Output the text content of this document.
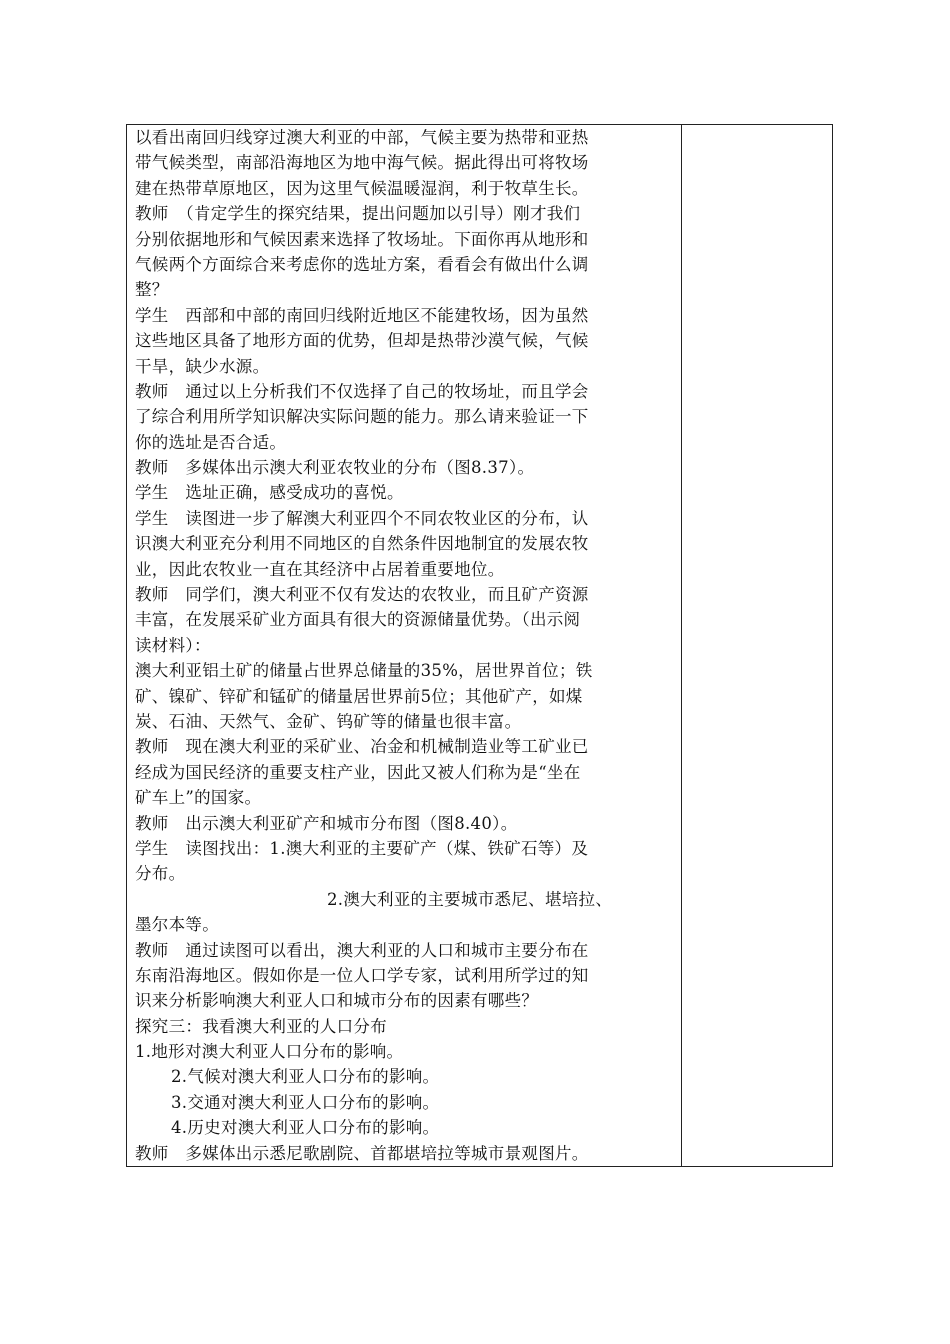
以看出南回归线穿过澳大利亚的中部，气候主要为热带和亚热
带气候类型，南部沿海地区为地中海气候。据此得出可将牧场
建在热带草原地区，因为这里气候温暖湿润，利于牧草生长。
教师　（肯定学生的探究结果，提出问题加以引导）刚才我们
分别依据地形和气候因素来选择了牧场址。下面你再从地形和
气候两个方面综合来考虑你的选址方案，看看会有做出什么调
整？
学生　西部和中部的南回归线附近地区不能建牧场，因为虽然
这些地区具备了地形方面的优势，但却是热带沙漠气候，气候
干旱，缺少水源。
教师　通过以上分析我们不仅选择了自己的牧场址，而且学会
了综合利用所学知识解决实际问题的能力。那么请来验证一下
你的选址是否合适。
教师　多媒体出示澳大利亚农牧业的分布（图8.37）。
学生　选址正确，感受成功的喜悦。
学生　读图进一步了解澳大利亚四个不同农牧业区的分布，认
识澳大利亚充分利用不同地区的自然条件因地制宜的发展农牧
业，因此农牧业一直在其经济中占居着重要地位。
教师　同学们，澳大利亚不仅有发达的农牧业，而且矿产资源
丰富，在发展采矿业方面具有很大的资源储量优势。（出示阅
读材料）：
澳大利亚铝土矿的储量占世界总储量的35%，居世界首位；铁
矿、镍矿、锌矿和锰矿的储量居世界前5位；其他矿产，如煤
炭、石油、天然气、金矿、钨矿等的储量也很丰富。
教师　现在澳大利亚的采矿业、冶金和机械制造业等工矿业已
经成为国民经济的重要支柱产业，因此又被人们称为是“坐在
矿车上”的国家。
教师　出示澳大利亚矿产和城市分布图（图8.40）。
学生　读图找出：1.澳大利亚的主要矿产（煤、铁矿石等）及
分布。
2.澳大利亚的主要城市悉尼、堪培拉、
墨尔本等。
教师　通过读图可以看出，澳大利亚的人口和城市主要分布在
东南沿海地区。假如你是一位人口学专家，试利用所学过的知
识来分析影响澳大利亚人口和城市分布的因素有哪些？
探究三：我看澳大利亚的人口分布
1.地形对澳大利亚人口分布的影响。
2.气候对澳大利亚人口分布的影响。
3.交通对澳大利亚人口分布的影响。
4.历史对澳大利亚人口分布的影响。
教师　多媒体出示悉尼歌剧院、首都堪培拉等城市景观图片。
